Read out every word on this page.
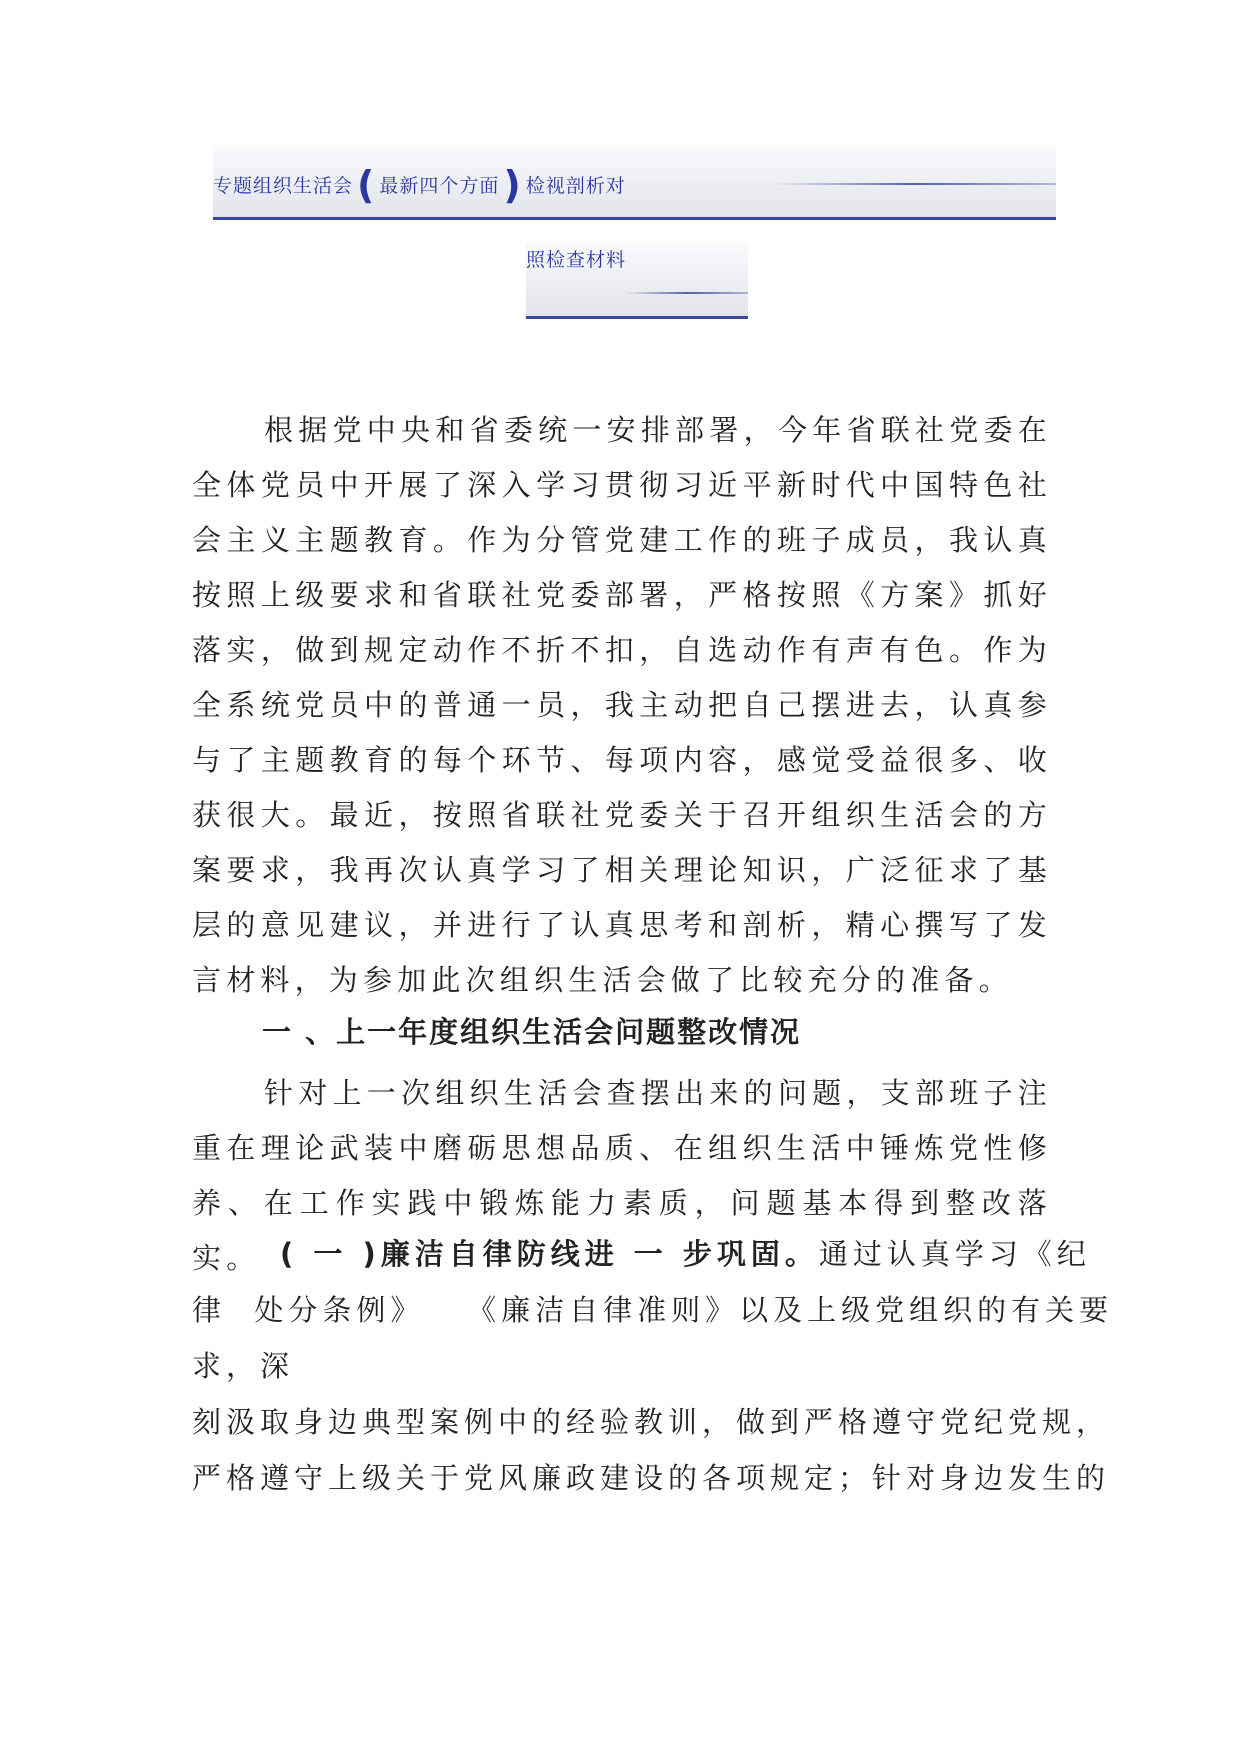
专题组织生活会 ( 最新四个方面 ) 检视剖析对
照检查材料

根据党中央和省委统一安排部署，今年省联社党委在全体党员中开展了深入学习贯彻习近平新时代中国特色社会主义主题教育。作为分管党建工作的班子成员，我认真按照上级要求和省联社党委部署，严格按照《方案》抓好落实，做到规定动作不折不扣，自选动作有声有色。作为全系统党员中的普通一员，我主动把自己摆进去，认真参与了主题教育的每个环节、每项内容，感觉受益很多、收获很大。最近，按照省联社党委关于召开组织生活会的方案要求，我再次认真学习了相关理论知识，广泛征求了基层的意见建议，并进行了认真思考和剖析，精心撰写了发言材料，为参加此次组织生活会做了比较充分的准备。

一 、上一年度组织生活会问题整改情况

针对上一次组织生活会查摆出来的问题，支部班子注重在理论武装中磨砺思想品质、在组织生活中锤炼党性修养、在工作实践中锻炼能力素质，问题基本得到整改落实。 ( 一 )廉洁自律防线进 一 步巩固。通过认真学习《纪
律  处分条例》   《廉洁自律准则》以及上级党组织的有关要
求，深
刻汲取身边典型案例中的经验教训，做到严格遵守党纪党规，
严格遵守上级关于党风廉政建设的各项规定；针对身边发生的
